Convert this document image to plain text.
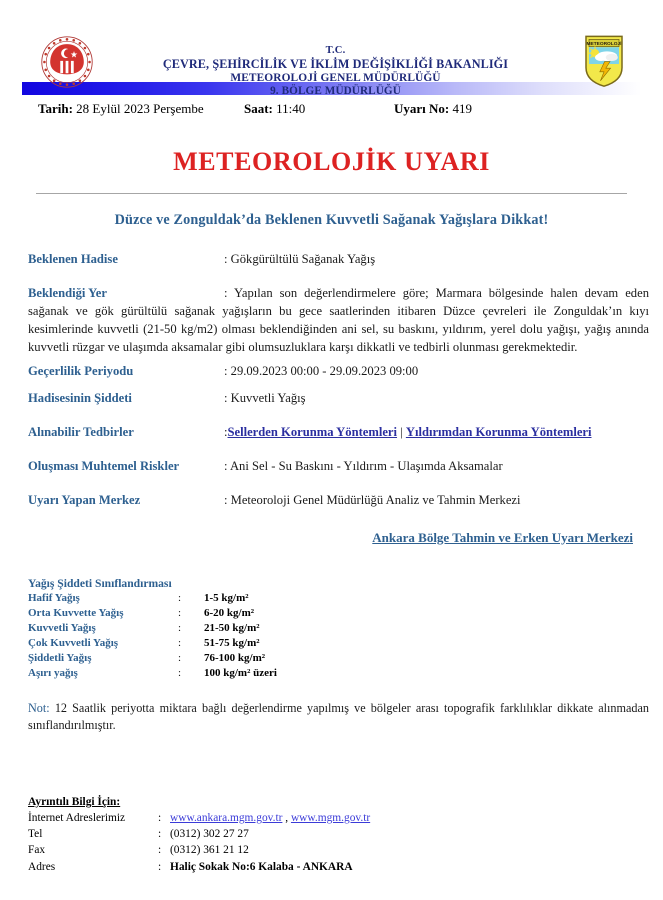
T.C.
ÇEVRE, ŞEHİRCİLİK VE İKLİM DEĞİŞİKLİĞİ BAKANLIĞI
METEOROLOJİ GENEL MÜDÜRLÜĞÜ
9. BÖLGE MÜDÜRLÜĞÜ
METEOROLOJİ
Tarih: 28 Eylül 2023 Perşembe	Saat: 11:40	Uyarı No: 419
METEOROLOJİK UYARI
Düzce ve Zonguldak’da Beklenen Kuvvetli Sağanak Yağışlara Dikkat!
Beklenen Hadise	: Gökgürültülü Sağanak Yağış
Beklendiği Yer	: Yapılan son değerlendirmelere göre; Marmara bölgesinde halen devam eden sağanak ve gök gürültülü sağanak yağışların bu gece saatlerinden itibaren Düzce çevreleri ile Zonguldak’ın kıyı kesimlerinde kuvvetli (21-50 kg/m2) olması beklendiğinden ani sel, su baskını, yıldırım, yerel dolu yağışı, yağış anında kuvvetli rüzgar ve ulaşımda aksamalar gibi olumsuzluklara karşı dikkatli ve tedbirli olunması gerekmektedir.
Geçerlilik Periyodu	: 29.09.2023 00:00 - 29.09.2023 09:00
Hadisesinin Şiddeti	: Kuvvetli Yağış
Alınabilir Tedbirler	:Sellerden Korunma Yöntemleri | Yıldırımdan Korunma Yöntemleri
Oluşması Muhtemel Riskler	: Ani Sel - Su Baskını - Yıldırım - Ulaşımda Aksamalar
Uyarı Yapan Merkez	: Meteoroloji Genel Müdürlüğü Analiz ve Tahmin Merkezi
Ankara Bölge Tahmin ve Erken Uyarı Merkezi
Yağış Şiddeti Sınıflandırması
Hafif Yağış	:	1-5 kg/m²
Orta Kuvvette Yağış	:	6-20 kg/m²
Kuvvetli Yağış	:	21-50 kg/m²
Çok Kuvvetli Yağış	:	51-75 kg/m²
Şiddetli Yağış	:	76-100 kg/m²
Aşırı yağış	:	100 kg/m² üzeri
Not: 12 Saatlik periyotta miktara bağlı değerlendirme yapılmış ve bölgeler arası topografik farklılıklar dikkate alınmadan sınıflandırılmıştır.
Ayrıntılı Bilgi İçin:
İnternet Adreslerimiz	: www.ankara.mgm.gov.tr , www.mgm.gov.tr
Tel	: (0312) 302 27 27
Fax	: (0312) 361 21 12
Adres	: Haliç Sokak No:6 Kalaba - ANKARA
